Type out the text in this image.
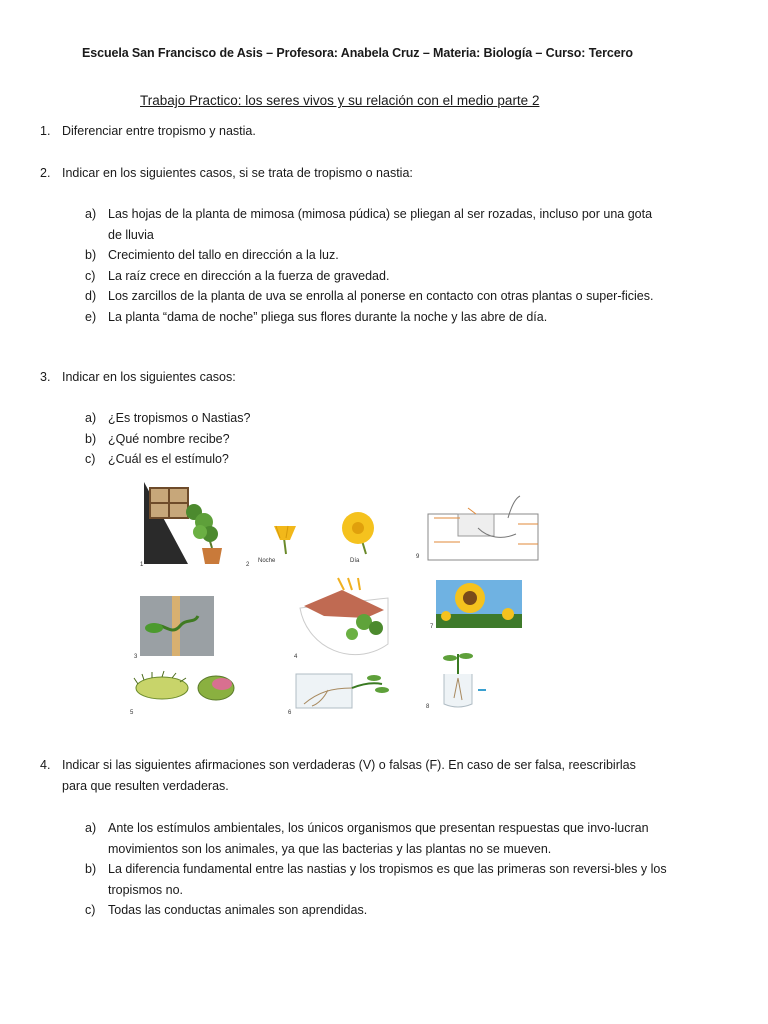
Escuela San Francisco de Asis – Profesora: Anabela Cruz – Materia: Biología – Curso: Tercero
Trabajo Practico: los seres vivos y su relación con el medio parte 2
1. Diferenciar entre tropismo y nastia.
2. Indicar en los siguientes casos, si se trata de tropismo o nastia:
a) Las hojas de la planta de mimosa (mimosa púdica) se pliegan al ser rozadas, incluso por una gota de lluvia
b) Crecimiento del tallo en dirección a la luz.
c) La raíz crece en dirección a la fuerza de gravedad.
d) Los zarcillos de la planta de uva se enrolla al ponerse en contacto con otras plantas o super-ficies.
e) La planta “dama de noche” pliega sus flores durante la noche y las abre de día.
3. Indicar en los siguientes casos:
a) ¿Es tropismos o Nastias?
b) ¿Qué nombre recibe?
c) ¿Cuál es el estímulo?
1	2
Noche	Día
9
3	4
7
5	6
8
4. Indicar si las siguientes afirmaciones son verdaderas (V) o falsas (F). En caso de ser falsa, reescribirlas
para que resulten verdaderas.
a) Ante los estímulos ambientales, los únicos organismos que presentan respuestas que invo-lucran movimientos son los animales, ya que las bacterias y las plantas no se mueven.
b) La diferencia fundamental entre las nastias y los tropismos es que las primeras son reversi-bles y los tropismos no.
c) Todas las conductas animales son aprendidas.
